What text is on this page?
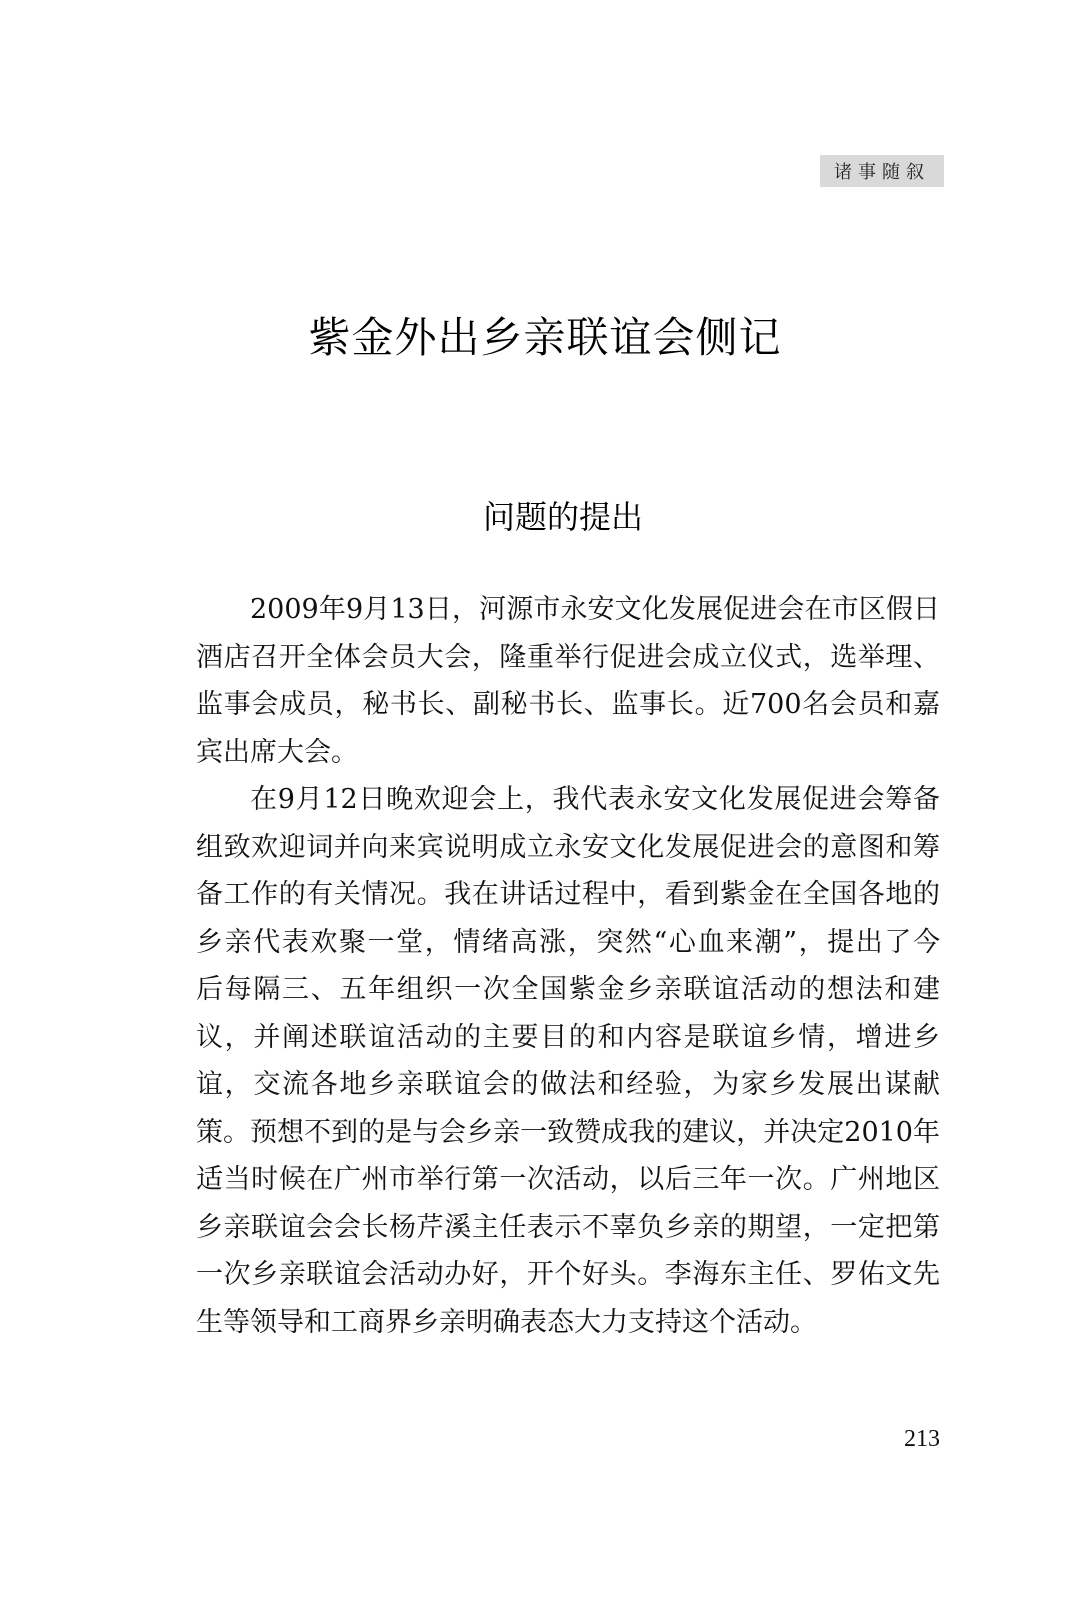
诸事随叙
紫金外出乡亲联谊会侧记
问题的提出
2009年9月13日，河源市永安文化发展促进会在市区假日
酒店召开全体会员大会，隆重举行促进会成立仪式，选举理、
监事会成员，秘书长、副秘书长、监事长。近700名会员和嘉
宾出席大会。
在9月12日晚欢迎会上，我代表永安文化发展促进会筹备
组致欢迎词并向来宾说明成立永安文化发展促进会的意图和筹
备工作的有关情况。我在讲话过程中，看到紫金在全国各地的
乡亲代表欢聚一堂，情绪高涨，突然“心血来潮”，提出了今
后每隔三、五年组织一次全国紫金乡亲联谊活动的想法和建
议，并阐述联谊活动的主要目的和内容是联谊乡情，增进乡
谊，交流各地乡亲联谊会的做法和经验，为家乡发展出谋献
策。预想不到的是与会乡亲一致赞成我的建议，并决定2010年
适当时候在广州市举行第一次活动，以后三年一次。广州地区
乡亲联谊会会长杨芹溪主任表示不辜负乡亲的期望，一定把第
一次乡亲联谊会活动办好，开个好头。李海东主任、罗佑文先
生等领导和工商界乡亲明确表态大力支持这个活动。
213
